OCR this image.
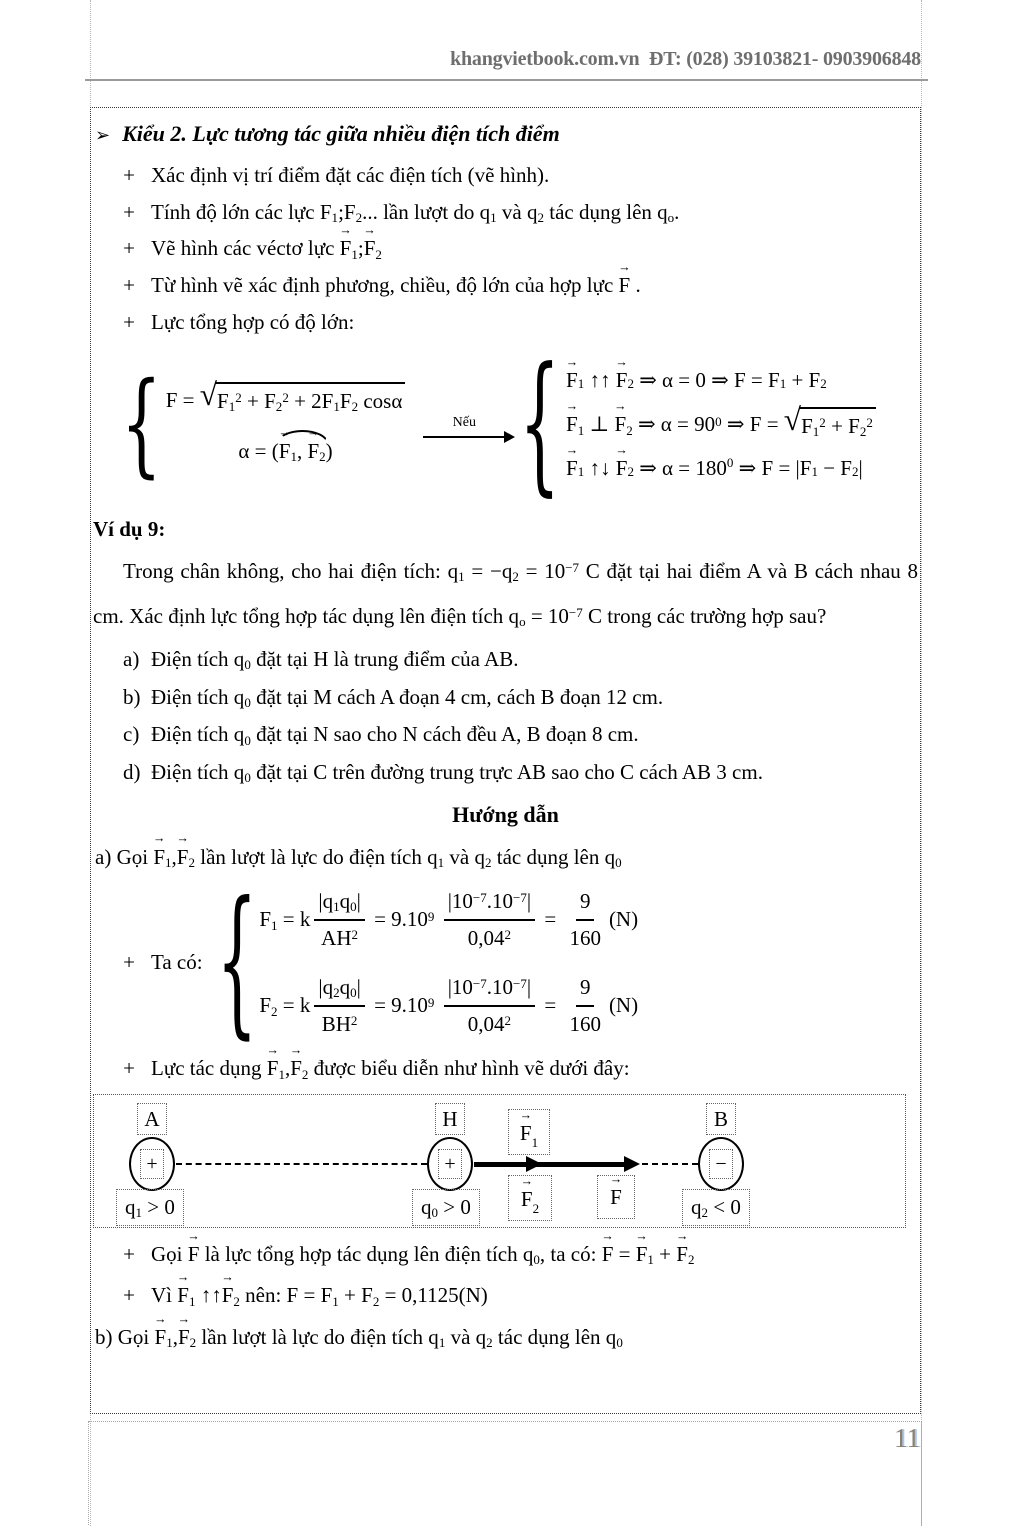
khangvietbook.com.vn  ĐT: (028) 39103821- 0903906848
➢ Kiểu 2. Lực tương tác giữa nhiều điện tích điểm
+ Xác định vị trí điểm đặt các điện tích (vẽ hình).
+ Tính độ lớn các lực F1;F2... lần lượt do q1 và q2 tác dụng lên qo.
+ Vẽ hình các véctơ lực F →1;F →2
+ Từ hình vẽ xác định phương, chiều, độ lớn của hợp lực F → .
+ Lực tổng hợp có độ lớn:
{ F = √ $F1^2 + F2^2 + 2F1F2$ cosα
α = (F →1, F →2)
Nếu { F → 1 ↑↑ F → 2 ⇒ α = 0 ⇒ F = F 1 + F 2
F →1 ⊥ F →2 ⇒ $\alpha = 90^0$ ⇒ F = √ $F1^2 + F2^2$
F → 1 ↑↓ F → 2 ⇒ α = 180 0 ⇒ F = |F 1 − F 2 |
Ví dụ 9:

Trong chân không, cho hai điện tích: $q1 = -q2 = 10^{-7}$ C đặt tại hai điểm A và B cách nhau 8 cm. Xác định lực tổng hợp tác dụng lên điện tích qo = $10^{-7}$ C trong các trường hợp sau?

a) Điện tích q0 đặt tại H là trung điểm của AB.
b) Điện tích q0 đặt tại M cách A đoạn 4 cm, cách B đoạn 12 cm.
c) Điện tích q0 đặt tại N sao cho N cách đều A, B đoạn 8 cm.
d) Điện tích q0 đặt tại C trên đường trung trực AB sao cho C cách AB 3 cm.
Hướng dẫn
a) Gọi F →1,F →2 lần lượt là lực do điện tích q1 và q2 tác dụng lên q0
+ Ta có: { F1 = k $\frac{|q1q0|}{AH^2} = 9.10^9 \frac{|10^{-7}.10^{-7}|}{0,04^2} = \frac{9}{160} (N)$
F2 = k $\frac{|q2q0|}{BH^2} = 9.10^9 \frac{|10^{-7}.10^{-7}|}{0,04^2} = \frac{9}{160} (N)$
+ Lực tác dụng F →1,F →2 được biểu diễn như hình vẽ dưới đây:
A	H	B
+	+	−
F → 1
F → 2	F →
q1 > 0	q0 > 0	q2 < 0
+ Gọi F → là lực tổng hợp tác dụng lên điện tích q0, ta có: F → = F →1 + F →2
+ Vì F →1 ↑↑F →2 nên: F = F1 + F2 = 0,1125(N)
b) Gọi F →1,F →2 lần lượt là lực do điện tích q1 và q2 tác dụng lên q0
11
